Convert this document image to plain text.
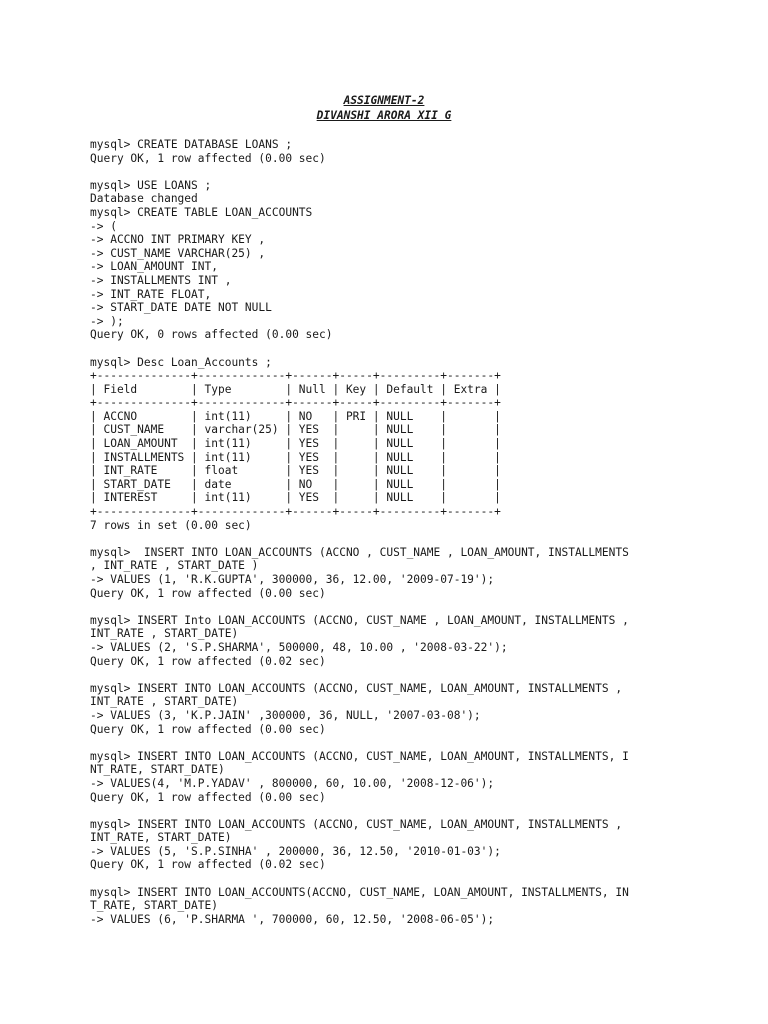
ASSIGNMENT-2
DIVANSHI ARORA XII G
mysql> CREATE DATABASE LOANS ;
Query OK, 1 row affected (0.00 sec)
mysql> USE LOANS ;
Database changed
mysql> CREATE TABLE LOAN_ACCOUNTS
-> (
-> ACCNO INT PRIMARY KEY ,
-> CUST_NAME VARCHAR(25) ,
-> LOAN_AMOUNT INT,
-> INSTALLMENTS INT ,
-> INT_RATE FLOAT,
-> START_DATE DATE NOT NULL
-> );
Query OK, 0 rows affected (0.00 sec)
mysql> Desc Loan_Accounts ;
+--------------+-------------+------+-----+---------+-------+
| Field        | Type        | Null | Key | Default | Extra |
+--------------+-------------+------+-----+---------+-------+
| ACCNO        | int(11)     | NO   | PRI | NULL    |       |
| CUST_NAME    | varchar(25) | YES  |     | NULL    |       |
| LOAN_AMOUNT  | int(11)     | YES  |     | NULL    |       |
| INSTALLMENTS | int(11)     | YES  |     | NULL    |       |
| INT_RATE     | float       | YES  |     | NULL    |       |
| START_DATE   | date        | NO   |     | NULL    |       |
| INTEREST     | int(11)     | YES  |     | NULL    |       |
+--------------+-------------+------+-----+---------+-------+
7 rows in set (0.00 sec)
mysql>  INSERT INTO LOAN_ACCOUNTS (ACCNO , CUST_NAME , LOAN_AMOUNT, INSTALLMENTS
, INT_RATE , START_DATE )
-> VALUES (1, 'R.K.GUPTA', 300000, 36, 12.00, '2009-07-19');
Query OK, 1 row affected (0.00 sec)
mysql> INSERT Into LOAN_ACCOUNTS (ACCNO, CUST_NAME , LOAN_AMOUNT, INSTALLMENTS ,
INT_RATE , START_DATE)
-> VALUES (2, 'S.P.SHARMA', 500000, 48, 10.00 , '2008-03-22');
Query OK, 1 row affected (0.02 sec)
mysql> INSERT INTO LOAN_ACCOUNTS (ACCNO, CUST_NAME, LOAN_AMOUNT, INSTALLMENTS ,
INT_RATE , START_DATE)
-> VALUES (3, 'K.P.JAIN' ,300000, 36, NULL, '2007-03-08');
Query OK, 1 row affected (0.00 sec)
mysql> INSERT INTO LOAN_ACCOUNTS (ACCNO, CUST_NAME, LOAN_AMOUNT, INSTALLMENTS, I
NT_RATE, START_DATE)
-> VALUES(4, 'M.P.YADAV' , 800000, 60, 10.00, '2008-12-06');
Query OK, 1 row affected (0.00 sec)
mysql> INSERT INTO LOAN_ACCOUNTS (ACCNO, CUST_NAME, LOAN_AMOUNT, INSTALLMENTS ,
INT_RATE, START_DATE)
-> VALUES (5, 'S.P.SINHA' , 200000, 36, 12.50, '2010-01-03');
Query OK, 1 row affected (0.02 sec)
mysql> INSERT INTO LOAN_ACCOUNTS(ACCNO, CUST_NAME, LOAN_AMOUNT, INSTALLMENTS, IN
T_RATE, START_DATE)
-> VALUES (6, 'P.SHARMA ', 700000, 60, 12.50, '2008-06-05');
